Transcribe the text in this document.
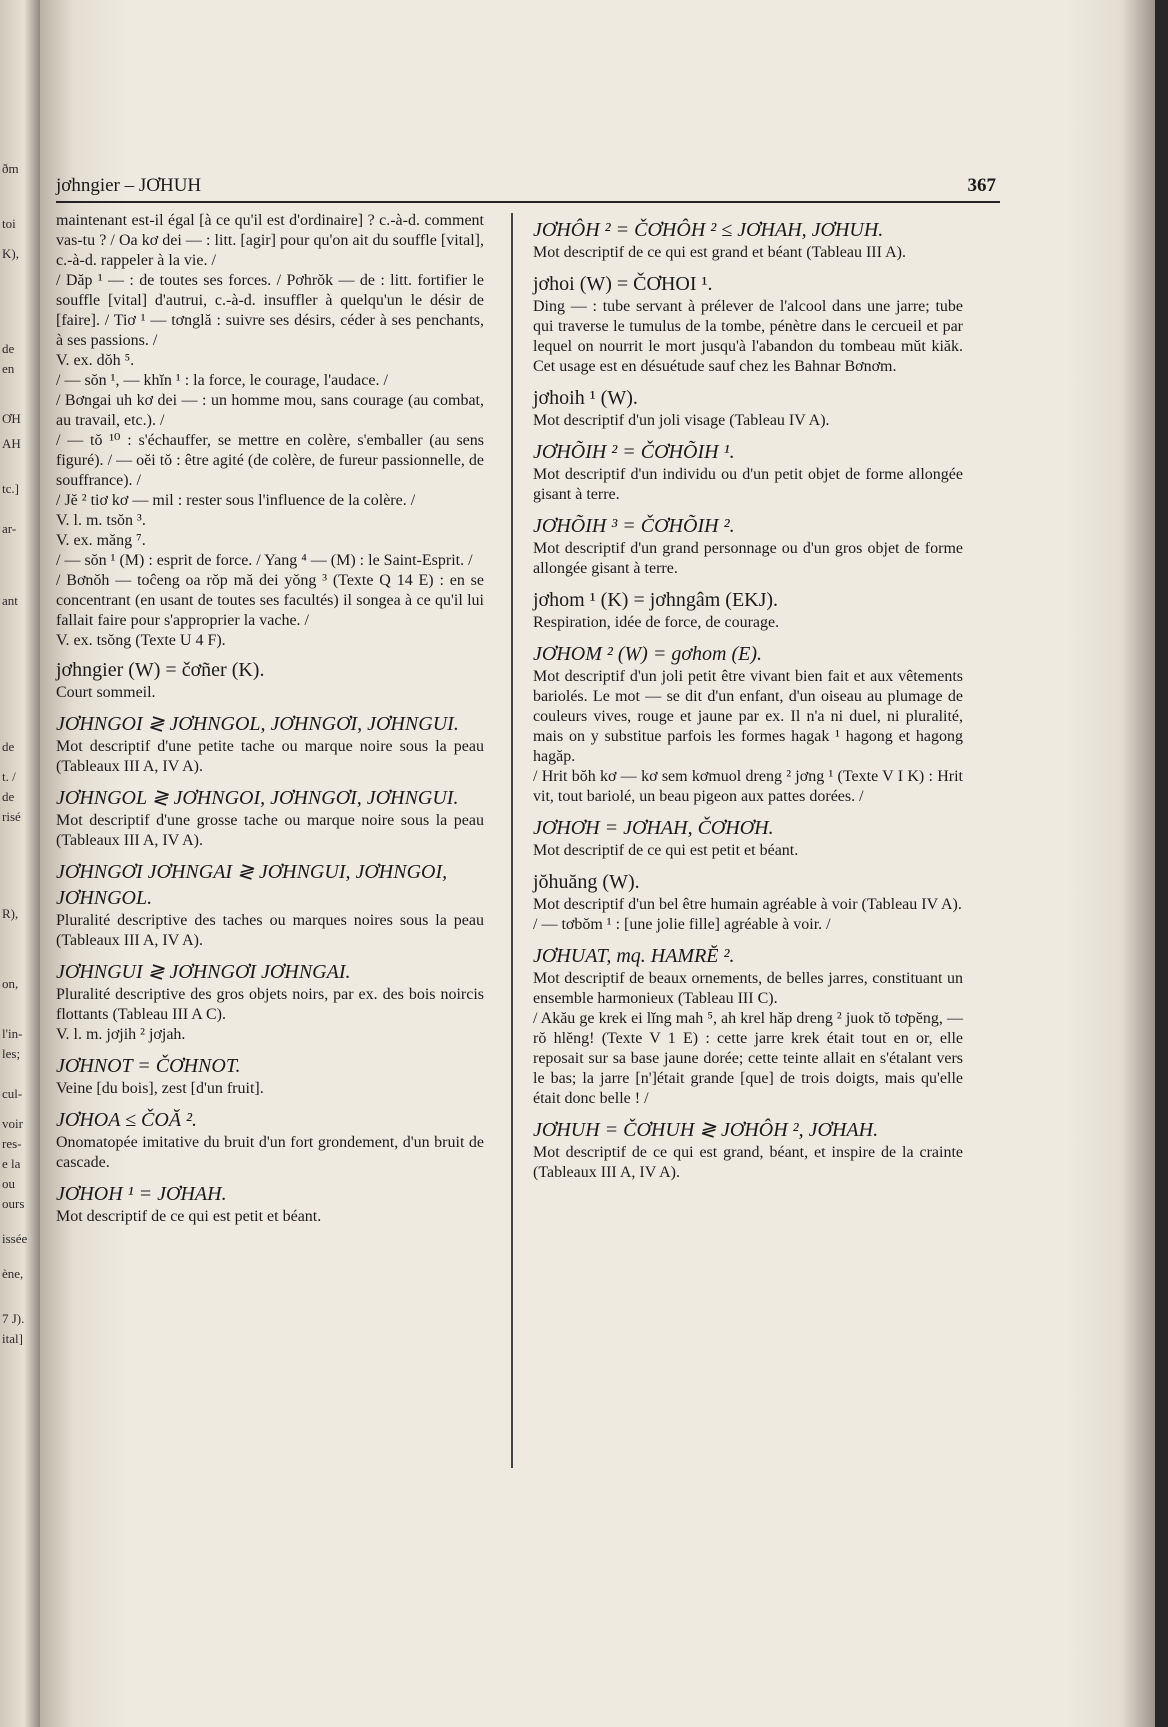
ðm
toi
K),
de
en
ƠH
AH
tc.]
ar-
ant
de
t. /
de
risé
R),
on,
l'in-
les;
cul-
voir
res-
e la
ou
ours
issée
ène,
7 J).
ital]
jơhngier – JƠHUH	367

maintenant est-il égal [à ce qu'il est d'ordinaire] ? c.-à-d. comment vas-tu ? / Oa kơ dei — : litt. [agir] pour qu'on ait du souffle [vital], c.-à-d. rappeler à la vie. /

/ Dăp ¹ — : de toutes ses forces. / Pơhrŏk — de : litt. fortifier le souffle [vital] d'autrui, c.-à-d. insuffler à quelqu'un le désir de [faire]. / Tiơ ¹ — tơnglă : suivre ses désirs, céder à ses penchants, à ses passions. /

V. ex. dŏh ⁵.

/ — sŏn ¹, — khĭn ¹ : la force, le courage, l'audace. /

/ Bơngai uh kơ dei — : un homme mou, sans courage (au combat, au travail, etc.). /

/ — tŏ ¹⁰ : s'échauffer, se mettre en colère, s'emballer (au sens figuré). / — oĕi tŏ : être agité (de colère, de fureur passionnelle, de souffrance). /

/ Jĕ ² tiơ kơ — mil : rester sous l'influence de la colère. /

V. l. m. tsŏn ³.

V. ex. măng ⁷.

/ — sŏn ¹ (M) : esprit de force. / Yang ⁴ — (M) : le Saint-Esprit. /

/ Bơnŏh — toĉeng oa rŏp mă dei yŏng ³ (Texte Q 14 E) : en se concentrant (en usant de toutes ses facultés) il songea à ce qu'il lui fallait faire pour s'approprier la vache. /

V. ex. tsŏng (Texte U 4 F).

jơhngier (W) = čơñer (K).

Court sommeil.

JƠHNGOI ≷ JƠHNGOL, JƠHNGƠI, JƠHNGUI.

Mot descriptif d'une petite tache ou marque noire sous la peau (Tableaux III A, IV A).

JƠHNGOL ≷ JƠHNGOI, JƠHNGƠI, JƠHNGUI.

Mot descriptif d'une grosse tache ou marque noire sous la peau (Tableaux III A, IV A).

JƠHNGƠI JƠHNGAI ≷ JƠHNGUI, JƠHNGOI, JƠHNGOL.

Pluralité descriptive des taches ou marques noires sous la peau (Tableaux III A, IV A).

JƠHNGUI ≷ JƠHNGƠI JƠHNGAI.

Pluralité descriptive des gros objets noirs, par ex. des bois noircis flottants (Tableau III A C).

V. l. m. jơjih ² jơjah.

JƠHNOT = ČƠHNOT.

Veine [du bois], zest [d'un fruit].

JƠHOA ≤ ČOĂ ².

Onomatopée imitative du bruit d'un fort grondement, d'un bruit de cascade.

JƠHOH ¹ = JƠHAH.

Mot descriptif de ce qui est petit et béant.

JƠHÔH ² = ČƠHÔH ² ≤ JƠHAH, JƠHUH.

Mot descriptif de ce qui est grand et béant (Tableau III A).

jơhoi (W) = ČƠHOI ¹.

Ding — : tube servant à prélever de l'alcool dans une jarre; tube qui traverse le tumulus de la tombe, pénètre dans le cercueil et par lequel on nourrit le mort jusqu'à l'abandon du tombeau mŭt kiăk. Cet usage est en désuétude sauf chez les Bahnar Bơnơm.

jơhoih ¹ (W).

Mot descriptif d'un joli visage (Tableau IV A).

JƠHÕIH ² = ČƠHÕIH ¹.

Mot descriptif d'un individu ou d'un petit objet de forme allongée gisant à terre.

JƠHÕIH ³ = ČƠHÕIH ².

Mot descriptif d'un grand personnage ou d'un gros objet de forme allongée gisant à terre.

jơhom ¹ (K) = jơhngâm (EKJ).

Respiration, idée de force, de courage.

JƠHOM ² (W) = gơhom (E).

Mot descriptif d'un joli petit être vivant bien fait et aux vêtements bariolés. Le mot — se dit d'un enfant, d'un oiseau au plumage de couleurs vives, rouge et jaune par ex. Il n'a ni duel, ni pluralité, mais on y substitue parfois les formes hagak ¹ hagong et hagong hagăp.

/ Hrit bŏh kơ — kơ sem kơmuol dreng ² jơng ¹ (Texte V I K) : Hrit vit, tout bariolé, un beau pigeon aux pattes dorées. /

JƠHƠH = JƠHAH, ČƠHƠH.

Mot descriptif de ce qui est petit et béant.

jŏhuăng (W).

Mot descriptif d'un bel être humain agréable à voir (Tableau IV A).

/ — tơbŏm ¹ : [une jolie fille] agréable à voir. /

JƠHUAT, mq. HAMRĔ ².

Mot descriptif de beaux ornements, de belles jarres, constituant un ensemble harmonieux (Tableau III C).

/ Akău ge krek ei lĭng mah ⁵, ah krel hăp dreng ² juok tŏ tơpĕng, — rŏ hlĕng! (Texte V 1 E) : cette jarre krek était tout en or, elle reposait sur sa base jaune dorée; cette teinte allait en s'étalant vers le bas; la jarre [n']était grande [que] de trois doigts, mais qu'elle était donc belle ! /

JƠHUH = ČƠHUH ≷ JƠHÔH ², JƠHAH.

Mot descriptif de ce qui est grand, béant, et inspire de la crainte (Tableaux III A, IV A).
